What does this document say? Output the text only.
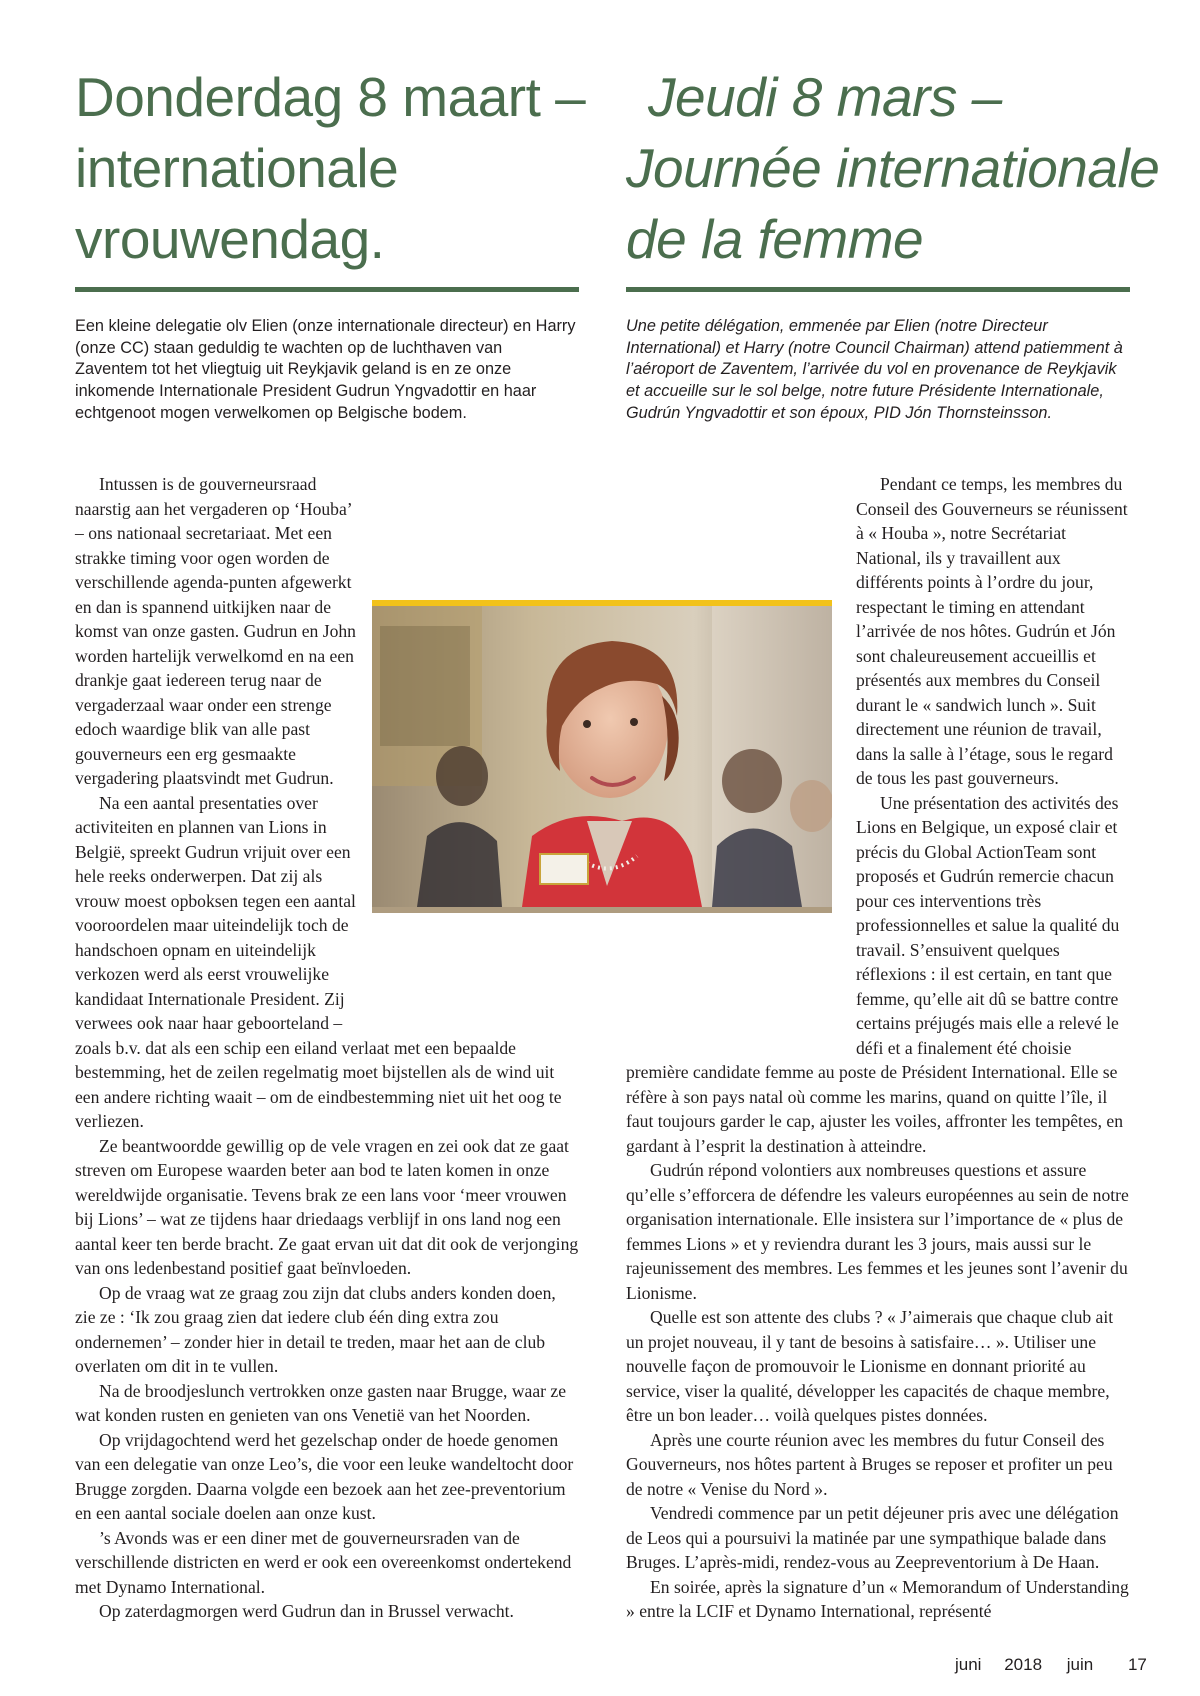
Donderdag 8 maart –
internationale
vrouwendag.
Jeudi 8 mars –
Journée internationale
de la femme

Een kleine delegatie olv Elien (onze internationale directeur) en Harry (onze CC) staan geduldig te wachten op de luchthaven van Zaventem tot het vliegtuig uit Reykjavik geland is en ze onze inkomende Internationale President Gudrun Yngvadottir en haar echtgenoot mogen verwelkomen op Belgische bodem.

Une petite délégation, emmenée par Elien (notre Directeur International) et Harry (notre Council Chairman) attend patiemment à l’aéroport de Zaventem, l’arrivée du vol en provenance de Reykjavik et accueille sur le sol belge, notre future Présidente Internationale, Gudrún Yngvadottir et son époux, PID Jón Thornsteinsson.

Intussen is de gouverneursraad naarstig aan het vergaderen op ‘Houba’ – ons nationaal secretariaat. Met een strakke timing voor ogen worden de verschillende agenda-punten afgewerkt en dan is spannend uitkijken naar de komst van onze gasten. Gudrun en John worden hartelijk verwelkomd en na een drankje gaat iedereen terug naar de vergaderzaal waar onder een strenge edoch waardige blik van alle past gouverneurs een erg gesmaakte vergadering plaatsvindt met Gudrun.

Na een aantal presentaties over activiteiten en plannen van Lions in België, spreekt Gudrun vrijuit over een hele reeks onderwerpen. Dat zij als vrouw moest opboksen tegen een aantal vooroordelen maar uiteindelijk toch de handschoen opnam en uiteindelijk verkozen werd als eerst vrouwelijke kandidaat Internationale President. Zij verwees ook naar haar geboorteland – zoals b.v. dat als een schip een eiland verlaat met een bepaalde bestemming, het de zeilen regelmatig moet bijstellen als de wind uit een andere richting waait – om de eindbestemming niet uit het oog te verliezen.

Ze beantwoordde gewillig op de vele vragen en zei ook dat ze gaat streven om Europese waarden beter aan bod te laten komen in onze wereldwijde organisatie. Tevens brak ze een lans voor ‘meer vrouwen bij Lions’ – wat ze tijdens haar driedaags verblijf in ons land nog een aantal keer ten berde bracht. Ze gaat ervan uit dat dit ook de verjonging van ons ledenbestand positief gaat beïnvloeden.

Op de vraag wat ze graag zou zijn dat clubs anders konden doen, zie ze : ‘Ik zou graag zien dat iedere club één ding extra zou ondernemen’ – zonder hier in detail te treden, maar het aan de club overlaten om dit in te vullen.

Na de broodjeslunch vertrokken onze gasten naar Brugge, waar ze wat konden rusten en genieten van ons Venetië van het Noorden.

Op vrijdagochtend werd het gezelschap onder de hoede genomen van een delegatie van onze Leo’s, die voor een leuke wandeltocht door Brugge zorgden. Daarna volgde een bezoek aan het zee-preventorium en een aantal sociale doelen aan onze kust.

’s Avonds was er een diner met de gouverneursraden van de verschillende districten en werd er ook een overeenkomst ondertekend met Dynamo International.

Op zaterdagmorgen werd Gudrun dan in Brussel verwacht.

Pendant ce temps, les membres du Conseil des Gouverneurs se réunissent à « Houba », notre Secrétariat National, ils y travaillent aux différents points à l’ordre du jour, respectant le timing en attendant l’arrivée de nos hôtes. Gudrún et Jón sont chaleureusement accueillis et présentés aux membres du Conseil durant le « sandwich lunch ». Suit directement une réunion de travail, dans la salle à l’étage, sous le regard de tous les past gouverneurs.

Une présentation des activités des Lions en Belgique, un exposé clair et précis du Global ActionTeam sont proposés et Gudrún remercie chacun pour ces interventions très professionnelles et salue la qualité du travail. S’ensuivent quelques réflexions : il est certain, en tant que femme, qu’elle ait dû se battre contre certains préjugés mais elle a relevé le défi et a finalement été choisie première candidate femme au poste de Président International. Elle se réfère à son pays natal où comme les marins, quand on quitte l’île, il faut toujours garder le cap, ajuster les voiles, affronter les tempêtes, en gardant à l’esprit la destination à atteindre.

Gudrún répond volontiers aux nombreuses questions et assure qu’elle s’efforcera de défendre les valeurs européennes au sein de notre organisation internationale. Elle insistera sur l’importance de « plus de femmes Lions » et y reviendra durant les 3 jours, mais aussi sur le rajeunissement des membres. Les femmes et les jeunes sont l’avenir du Lionisme.

Quelle est son attente des clubs ? « J’aimerais que chaque club ait un projet nouveau, il y tant de besoins à satisfaire… ». Utiliser une nouvelle façon de promouvoir le Lionisme en donnant priorité au service, viser la qualité, développer les capacités de chaque membre, être un bon leader… voilà quelques pistes données.

Après une courte réunion avec les membres du futur Conseil des Gouverneurs, nos hôtes partent à Bruges se reposer et profiter un peu de notre « Venise du Nord ».

Vendredi commence par un petit déjeuner pris avec une délégation de Leos qui a poursuivi la matinée par une sympathique balade dans Bruges. L’après-midi, rendez-vous au Zeepreventorium à De Haan.

En soirée, après la signature d’un « Memorandum of Understanding » entre la LCIF et Dynamo International, représenté

juni 2018 juin 17
